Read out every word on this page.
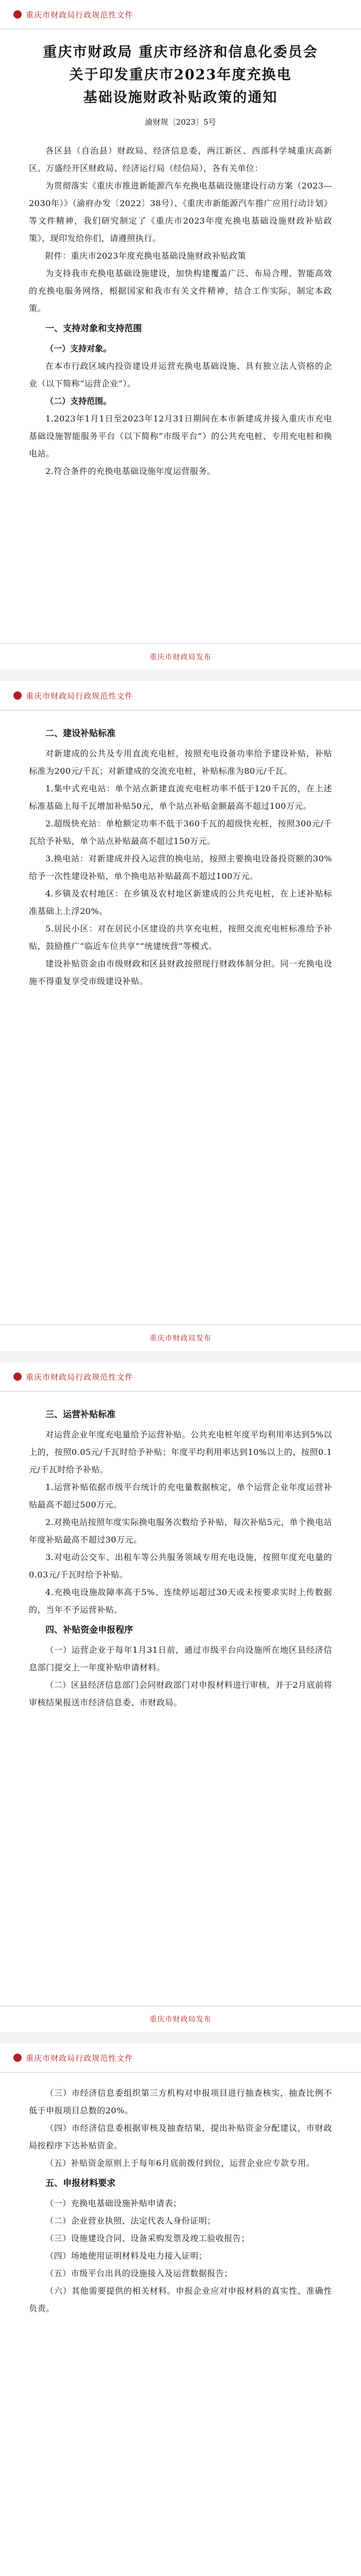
重庆市财政局行政规范性文件
重庆市财政局 重庆市经济和信息化委员会
关于印发重庆市2023年度充换电
基础设施财政补贴政策的通知
渝财规〔2023〕5号

各区县（自治县）财政局、经济信息委，两江新区、西部科学城重庆高新区、万盛经开区财政局、经济运行局（经信局），各有关单位：

为贯彻落实《重庆市推进新能源汽车充换电基础设施建设行动方案（2023—2030年）》（渝府办发〔2022〕38号）、《重庆市新能源汽车推广应用行动计划》等文件精神，我们研究制定了《重庆市2023年度充换电基础设施财政补贴政策》，现印发给你们，请遵照执行。

附件：重庆市2023年度充换电基础设施财政补贴政策

为支持我市充换电基础设施建设，加快构建覆盖广泛、布局合理、智能高效的充换电服务网络，根据国家和我市有关文件精神，结合工作实际，制定本政策。

一、支持对象和支持范围

（一）支持对象。

在本市行政区域内投资建设并运营充换电基础设施、具有独立法人资格的企业（以下简称“运营企业”）。

（二）支持范围。

1.2023年1月1日至2023年12月31日期间在本市新建成并接入重庆市充电基础设施智能服务平台（以下简称“市级平台”）的公共充电桩、专用充电桩和换电站。

2.符合条件的充换电基础设施年度运营服务。

重庆市财政局发布
重庆市财政局行政规范性文件

二、建设补贴标准

对新建成的公共及专用直流充电桩，按照充电设备功率给予建设补贴，补贴标准为200元/千瓦；对新建成的交流充电桩，补贴标准为80元/千瓦。

1.集中式充电站：单个站点新建直流充电桩功率不低于120千瓦的，在上述标准基础上每千瓦增加补贴50元，单个站点补贴金额最高不超过100万元。

2.超级快充站：单枪额定功率不低于360千瓦的超级快充桩，按照300元/千瓦给予补贴，单个站点补贴最高不超过150万元。

3.换电站：对新建成并投入运营的换电站，按照主要换电设备投资额的30%给予一次性建设补贴，单个换电站补贴最高不超过100万元。

4.乡镇及农村地区：在乡镇及农村地区新建成的公共充电桩，在上述补贴标准基础上上浮20%。

5.居民小区：对在居民小区建设的共享充电桩，按照交流充电桩标准给予补贴，鼓励推广“临近车位共享”“统建统营”等模式。

建设补贴资金由市级财政和区县财政按照现行财政体制分担。同一充换电设施不得重复享受市级建设补贴。

重庆市财政局发布
重庆市财政局行政规范性文件

三、运营补贴标准

对运营企业年度充电量给予运营补贴。公共充电桩年度平均利用率达到5%以上的，按照0.05元/千瓦时给予补贴；年度平均利用率达到10%以上的，按照0.1元/千瓦时给予补贴。

1.运营补贴依据市级平台统计的充电量数据核定，单个运营企业年度运营补贴最高不超过500万元。

2.对换电站按照年度实际换电服务次数给予补贴，每次补贴5元，单个换电站年度补贴最高不超过30万元。

3.对电动公交车、出租车等公共服务领域专用充电设施，按照年度充电量的0.03元/千瓦时给予补贴。

4.充换电设施故障率高于5%、连续停运超过30天或未按要求实时上传数据的，当年不予运营补贴。

四、补贴资金申报程序

（一）运营企业于每年1月31日前，通过市级平台向设施所在地区县经济信息部门提交上一年度补贴申请材料。

（二）区县经济信息部门会同财政部门对申报材料进行审核，并于2月底前将审核结果报送市经济信息委、市财政局。

重庆市财政局发布
重庆市财政局行政规范性文件

（三）市经济信息委组织第三方机构对申报项目进行抽查核实，抽查比例不低于申报项目总数的20%。

（四）市经济信息委根据审核及抽查结果，提出补贴资金分配建议，市财政局按程序下达补贴资金。

（五）补贴资金原则上于每年6月底前拨付到位，运营企业应专款专用。

五、申报材料要求

（一）充换电基础设施补贴申请表；

（二）企业营业执照、法定代表人身份证明；

（三）设施建设合同、设备采购发票及竣工验收报告；

（四）场地使用证明材料及电力接入证明；

（五）市级平台出具的设施接入及运营数据报告；

（六）其他需要提供的相关材料。申报企业应对申报材料的真实性、准确性负责。
